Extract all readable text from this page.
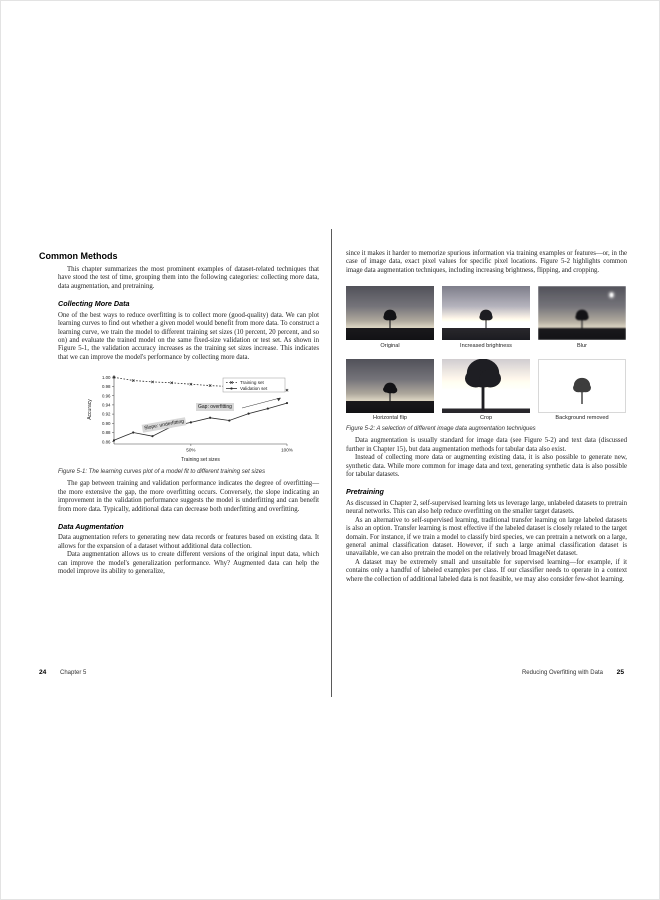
Common Methods

This chapter summarizes the most prominent examples of dataset-related techniques that have stood the test of time, grouping them into the following categories: collecting more data, data augmentation, and pretraining.

Collecting More Data

One of the best ways to reduce overfitting is to collect more (good-quality) data. We can plot learning curves to find out whether a given model would benefit from more data. To construct a learning curve, we train the model to different training set sizes (10 percent, 20 percent, and so on) and evaluate the trained model on the same fixed-size validation or test set. As shown in Figure 5-1, the validation accuracy increases as the training set sizes increase. This indicates that we can improve the model's performance by collecting more data.

1.00
0.98
0.96
0.94
0.92
0.90
0.88
0.86
50%	100%
Training set sizes
Accuracy
Training set
Validation set
Gap: overfitting
Slope: underfitting

Figure 5-1: The learning curves plot of a model fit to different training set sizes

The gap between training and validation performance indicates the degree of overfitting—the more extensive the gap, the more overfitting occurs. Conversely, the slope indicating an improvement in the validation performance suggests the model is underfitting and can benefit from more data. Typically, additional data can decrease both underfitting and overfitting.

Data Augmentation

Data augmentation refers to generating new data records or features based on existing data. It allows for the expansion of a dataset without additional data collection.

Data augmentation allows us to create different versions of the original input data, which can improve the model's generalization performance. Why? Augmented data can help the model improve its ability to generalize,

since it makes it harder to memorize spurious information via training examples or features—or, in the case of image data, exact pixel values for specific pixel locations. Figure 5-2 highlights common image data augmentation techniques, including increasing brightness, flipping, and cropping.

Original	Increased brightness	Blur
Horizontal flip	Crop	Background removed

Figure 5-2: A selection of different image data augmentation techniques

Data augmentation is usually standard for image data (see Figure 5-2) and text data (discussed further in Chapter 15), but data augmentation methods for tabular data also exist.

Instead of collecting more data or augmenting existing data, it is also possible to generate new, synthetic data. While more common for image data and text, generating synthetic data is also possible for tabular datasets.

Pretraining

As discussed in Chapter 2, self-supervised learning lets us leverage large, unlabeled datasets to pretrain neural networks. This can also help reduce overfitting on the smaller target datasets.

As an alternative to self-supervised learning, traditional transfer learning on large labeled datasets is also an option. Transfer learning is most effective if the labeled dataset is closely related to the target domain. For instance, if we train a model to classify bird species, we can pretrain a network on a large, general animal classification dataset. However, if such a large animal classification dataset is unavailable, we can also pretrain the model on the relatively broad ImageNet dataset.

A dataset may be extremely small and unsuitable for supervised learning—for example, if it contains only a handful of labeled examples per class. If our classifier needs to operate in a context where the collection of additional labeled data is not feasible, we may also consider few-shot learning.

24 Chapter 5	Reducing Overfitting with Data 25
